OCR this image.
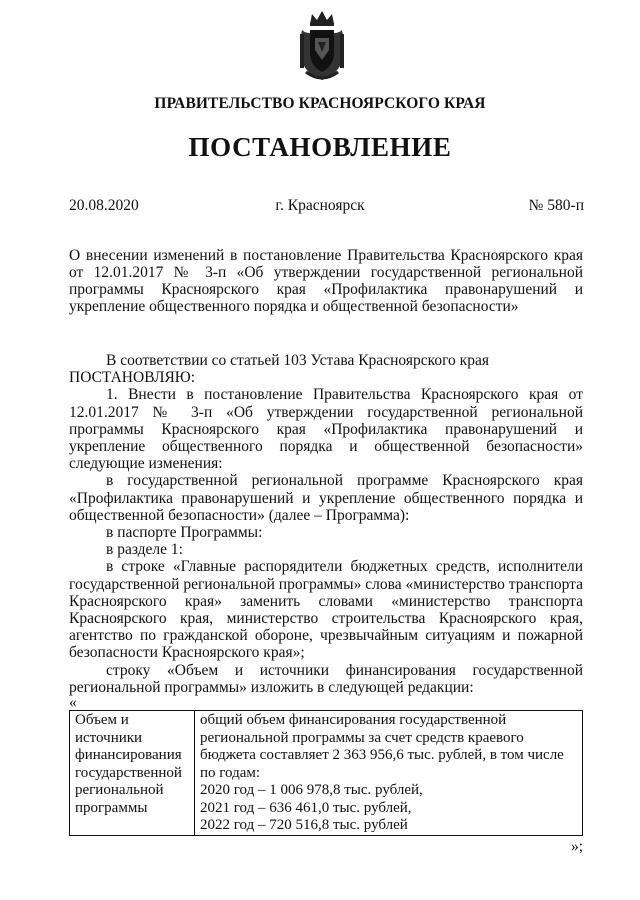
ПРАВИТЕЛЬСТВО КРАСНОЯРСКОГО КРАЯ
ПОСТАНОВЛЕНИЕ
20.08.2020	г. Красноярск	№ 580-п
О внесении изменений в постановление Правительства Красноярского края от 12.01.2017 № 3-п «Об утверждении государственной региональной программы Красноярского края «Профилактика правонарушений и укрепление общественного порядка и общественной безопасности»

В соответствии со статьей 103 Устава Красноярского края

ПОСТАНОВЛЯЮ:

1. Внести в постановление Правительства Красноярского края от 12.01.2017 № 3-п «Об утверждении государственной региональной программы Красноярского края «Профилактика правонарушений и укрепление общественного порядка и общественной безопасности» следующие изменения:

в государственной региональной программе Красноярского края «Профилактика правонарушений и укрепление общественного порядка и общественной безопасности» (далее – Программа):

в паспорте Программы:

в разделе 1:

в строке «Главные распорядители бюджетных средств, исполнители государственной региональной программы» слова «министерство транспорта Красноярского края» заменить словами «министерство транспорта Красноярского края, министерство строительства Красноярского края, агентство по гражданской обороне, чрезвычайным ситуациям и пожарной безопасности Красноярского края»;

строку «Объем и источники финансирования государственной региональной программы» изложить в следующей редакции:

«

Объем и
источники
финансирования
государственной
региональной
программы

общий объем финансирования государственной
региональной программы за счет средств краевого
бюджета составляет 2 363 956,6 тыс. рублей, в том числе
по годам:
2020 год – 1 006 978,8 тыс. рублей,
2021 год – 636 461,0 тыс. рублей,
2022 год – 720 516,8 тыс. рублей

»;
